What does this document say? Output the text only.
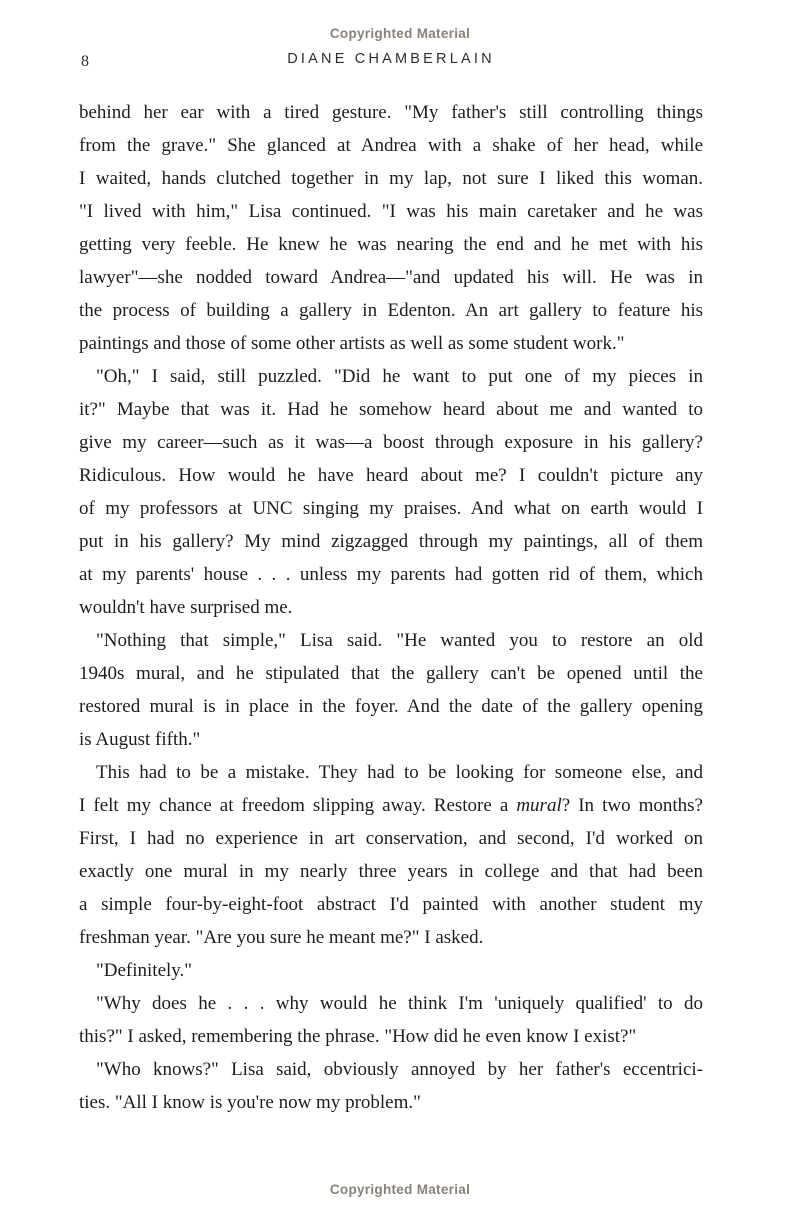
Copyrighted Material
8	DIANE CHAMBERLAIN
behind her ear with a tired gesture. "My father's still controlling things
from the grave." She glanced at Andrea with a shake of her head, while
I waited, hands clutched together in my lap, not sure I liked this woman.
"I lived with him," Lisa continued. "I was his main caretaker and he was
getting very feeble. He knew he was nearing the end and he met with his
lawyer"—she nodded toward Andrea—"and updated his will. He was in
the process of building a gallery in Edenton. An art gallery to feature his
paintings and those of some other artists as well as some student work."
"Oh," I said, still puzzled. "Did he want to put one of my pieces in
it?" Maybe that was it. Had he somehow heard about me and wanted to
give my career—such as it was—a boost through exposure in his gallery?
Ridiculous. How would he have heard about me? I couldn't picture any
of my professors at UNC singing my praises. And what on earth would I
put in his gallery? My mind zigzagged through my paintings, all of them
at my parents' house . . . unless my parents had gotten rid of them, which
wouldn't have surprised me.
"Nothing that simple," Lisa said. "He wanted you to restore an old
1940s mural, and he stipulated that the gallery can't be opened until the
restored mural is in place in the foyer. And the date of the gallery opening
is August fifth."
This had to be a mistake. They had to be looking for someone else, and
I felt my chance at freedom slipping away. Restore a mural? In two months?
First, I had no experience in art conservation, and second, I'd worked on
exactly one mural in my nearly three years in college and that had been
a simple four-by-eight-foot abstract I'd painted with another student my
freshman year. "Are you sure he meant me?" I asked.
"Definitely."
"Why does he . . . why would he think I'm 'uniquely qualified' to do
this?" I asked, remembering the phrase. "How did he even know I exist?"
"Who knows?" Lisa said, obviously annoyed by her father's eccentrici-
ties. "All I know is you're now my problem."
Copyrighted Material
